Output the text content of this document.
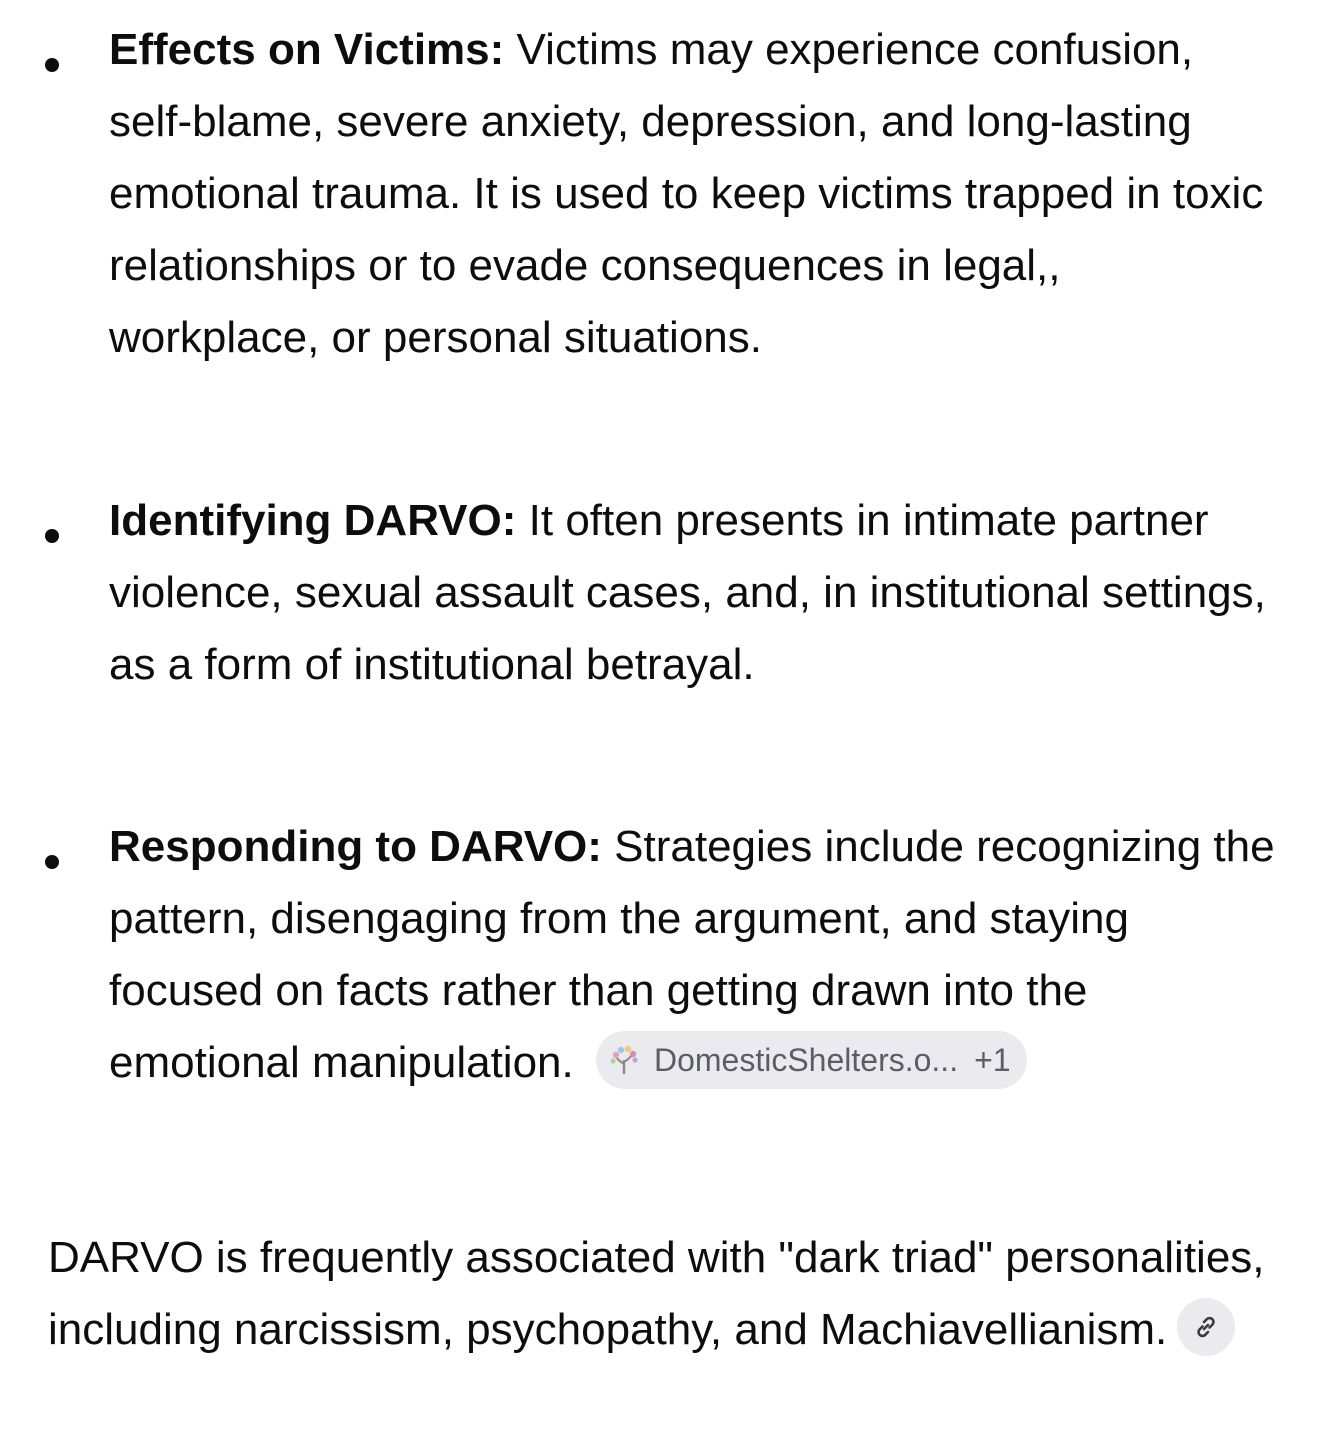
Effects on Victims: Victims may experience confusion, self-blame, severe anxiety, depression, and long-lasting emotional trauma. It is used to keep victims trapped in toxic relationships or to evade consequences in legal,, workplace, or personal situations.
Identifying DARVO: It often presents in intimate partner violence, sexual assault cases, and, in institutional settings, as a form of institutional betrayal.
Responding to DARVO: Strategies include recognizing the pattern, disengaging from the argument, and staying focused on facts rather than getting drawn into the emotional manipulation.	DomesticShelters.o... +1

DARVO is frequently associated with "dark triad" personalities, including narcissism, psychopathy, and Machiavellianism.
